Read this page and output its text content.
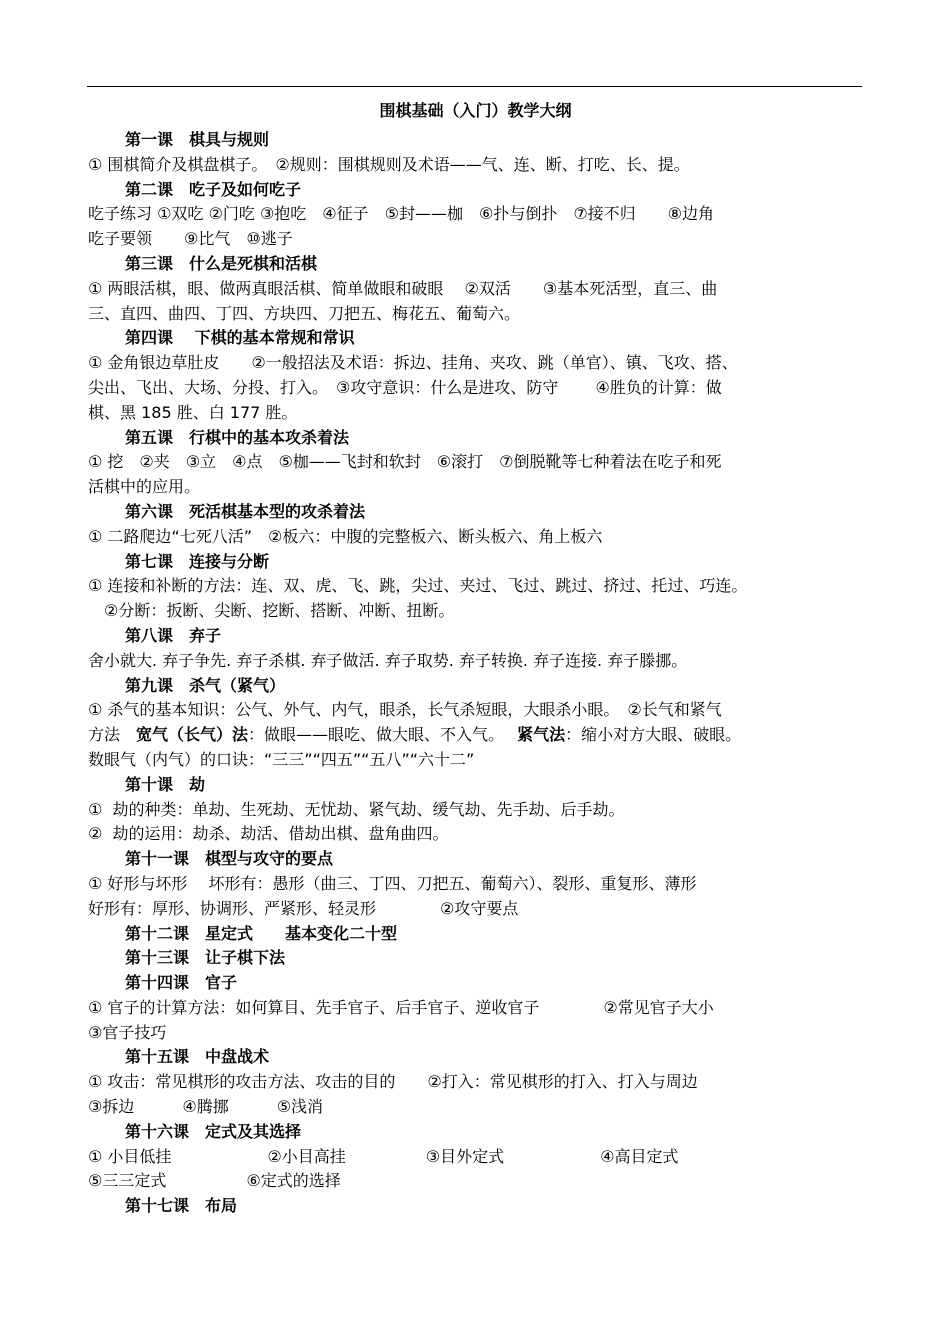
围棋基础（入门）教学大纲
第一课　棋具与规则
① 围棋简介及棋盘棋子。　②规则：围棋规则及术语——气、连、断、打吃、长、提。
第二课　吃子及如何吃子
吃子练习 ①双吃 ②门吃 ③抱吃　④征子　⑤封——枷　⑥扑与倒扑　⑦接不归　　⑧边角
吃子要领　　⑨比气　⑩逃子
第三课　什么是死棋和活棋
① 两眼活棋，眼、做两真眼活棋、简单做眼和破眼　 ②双活　　③基本死活型，直三、曲
三、直四、曲四、丁四、方块四、刀把五、梅花五、葡萄六。
第四课　 下棋的基本常规和常识
① 金角银边草肚皮　　②一般招法及术语：拆边、挂角、夹攻、跳（单官）、镇、飞攻、搭、
尖出、飞出、大场、分投、打入。　③攻守意识：什么是进攻、防守　　 ④胜负的计算：做
棋、黑 185 胜、白 177 胜。
第五课　行棋中的基本攻杀着法
① 挖　②夹　③立　④点　⑤枷——飞封和软封　⑥滚打　⑦倒脱靴等七种着法在吃子和死
活棋中的应用。
第六课　死活棋基本型的攻杀着法
① 二路爬边“七死八活”　②板六：中腹的完整板六、断头板六、角上板六
第七课　连接与分断
① 连接和补断的方法：连、双、虎、飞、跳，尖过、夹过、飞过、跳过、挤过、托过、巧连。
　②分断：扳断、尖断、挖断、搭断、冲断、扭断。
第八课　弃子
舍小就大. 弃子争先. 弃子杀棋. 弃子做活. 弃子取势. 弃子转换. 弃子连接. 弃子滕挪。
第九课　杀气（紧气）
① 杀气的基本知识：公气、外气、内气，眼杀，长气杀短眼，大眼杀小眼。　②长气和紧气
方法　宽气（长气）法：做眼——眼吃、做大眼、不入气。　 紧气法：缩小对方大眼、破眼。
数眼气（内气）的口诀：“三三”“四五”“五八”“六十二”
第十课　劫
①  劫的种类：单劫、生死劫、无忧劫、紧气劫、缓气劫、先手劫、后手劫。
②  劫的运用：劫杀、劫活、借劫出棋、盘角曲四。
第十一课　棋型与攻守的要点
① 好形与坏形　 坏形有：愚形（曲三、丁四、刀把五、葡萄六）、裂形、重复形、薄形
好形有：厚形、协调形、严紧形、轻灵形　　　　②攻守要点
第十二课　星定式　　基本变化二十型
第十三课　让子棋下法
第十四课　官子
① 官子的计算方法：如何算目、先手官子、后手官子、逆收官子　　　　②常见官子大小
③官子技巧
第十五课　中盘战术
① 攻击：常见棋形的攻击方法、攻击的目的　　②打入：常见棋形的打入、打入与周边
③拆边　　　④腾挪　　　⑤浅消
第十六课　定式及其选择
① 小目低挂　　　　　　②小目高挂　　　　　③目外定式　　　　　　④高目定式
⑤三三定式　　　　　⑥定式的选择
第十七课　布局
